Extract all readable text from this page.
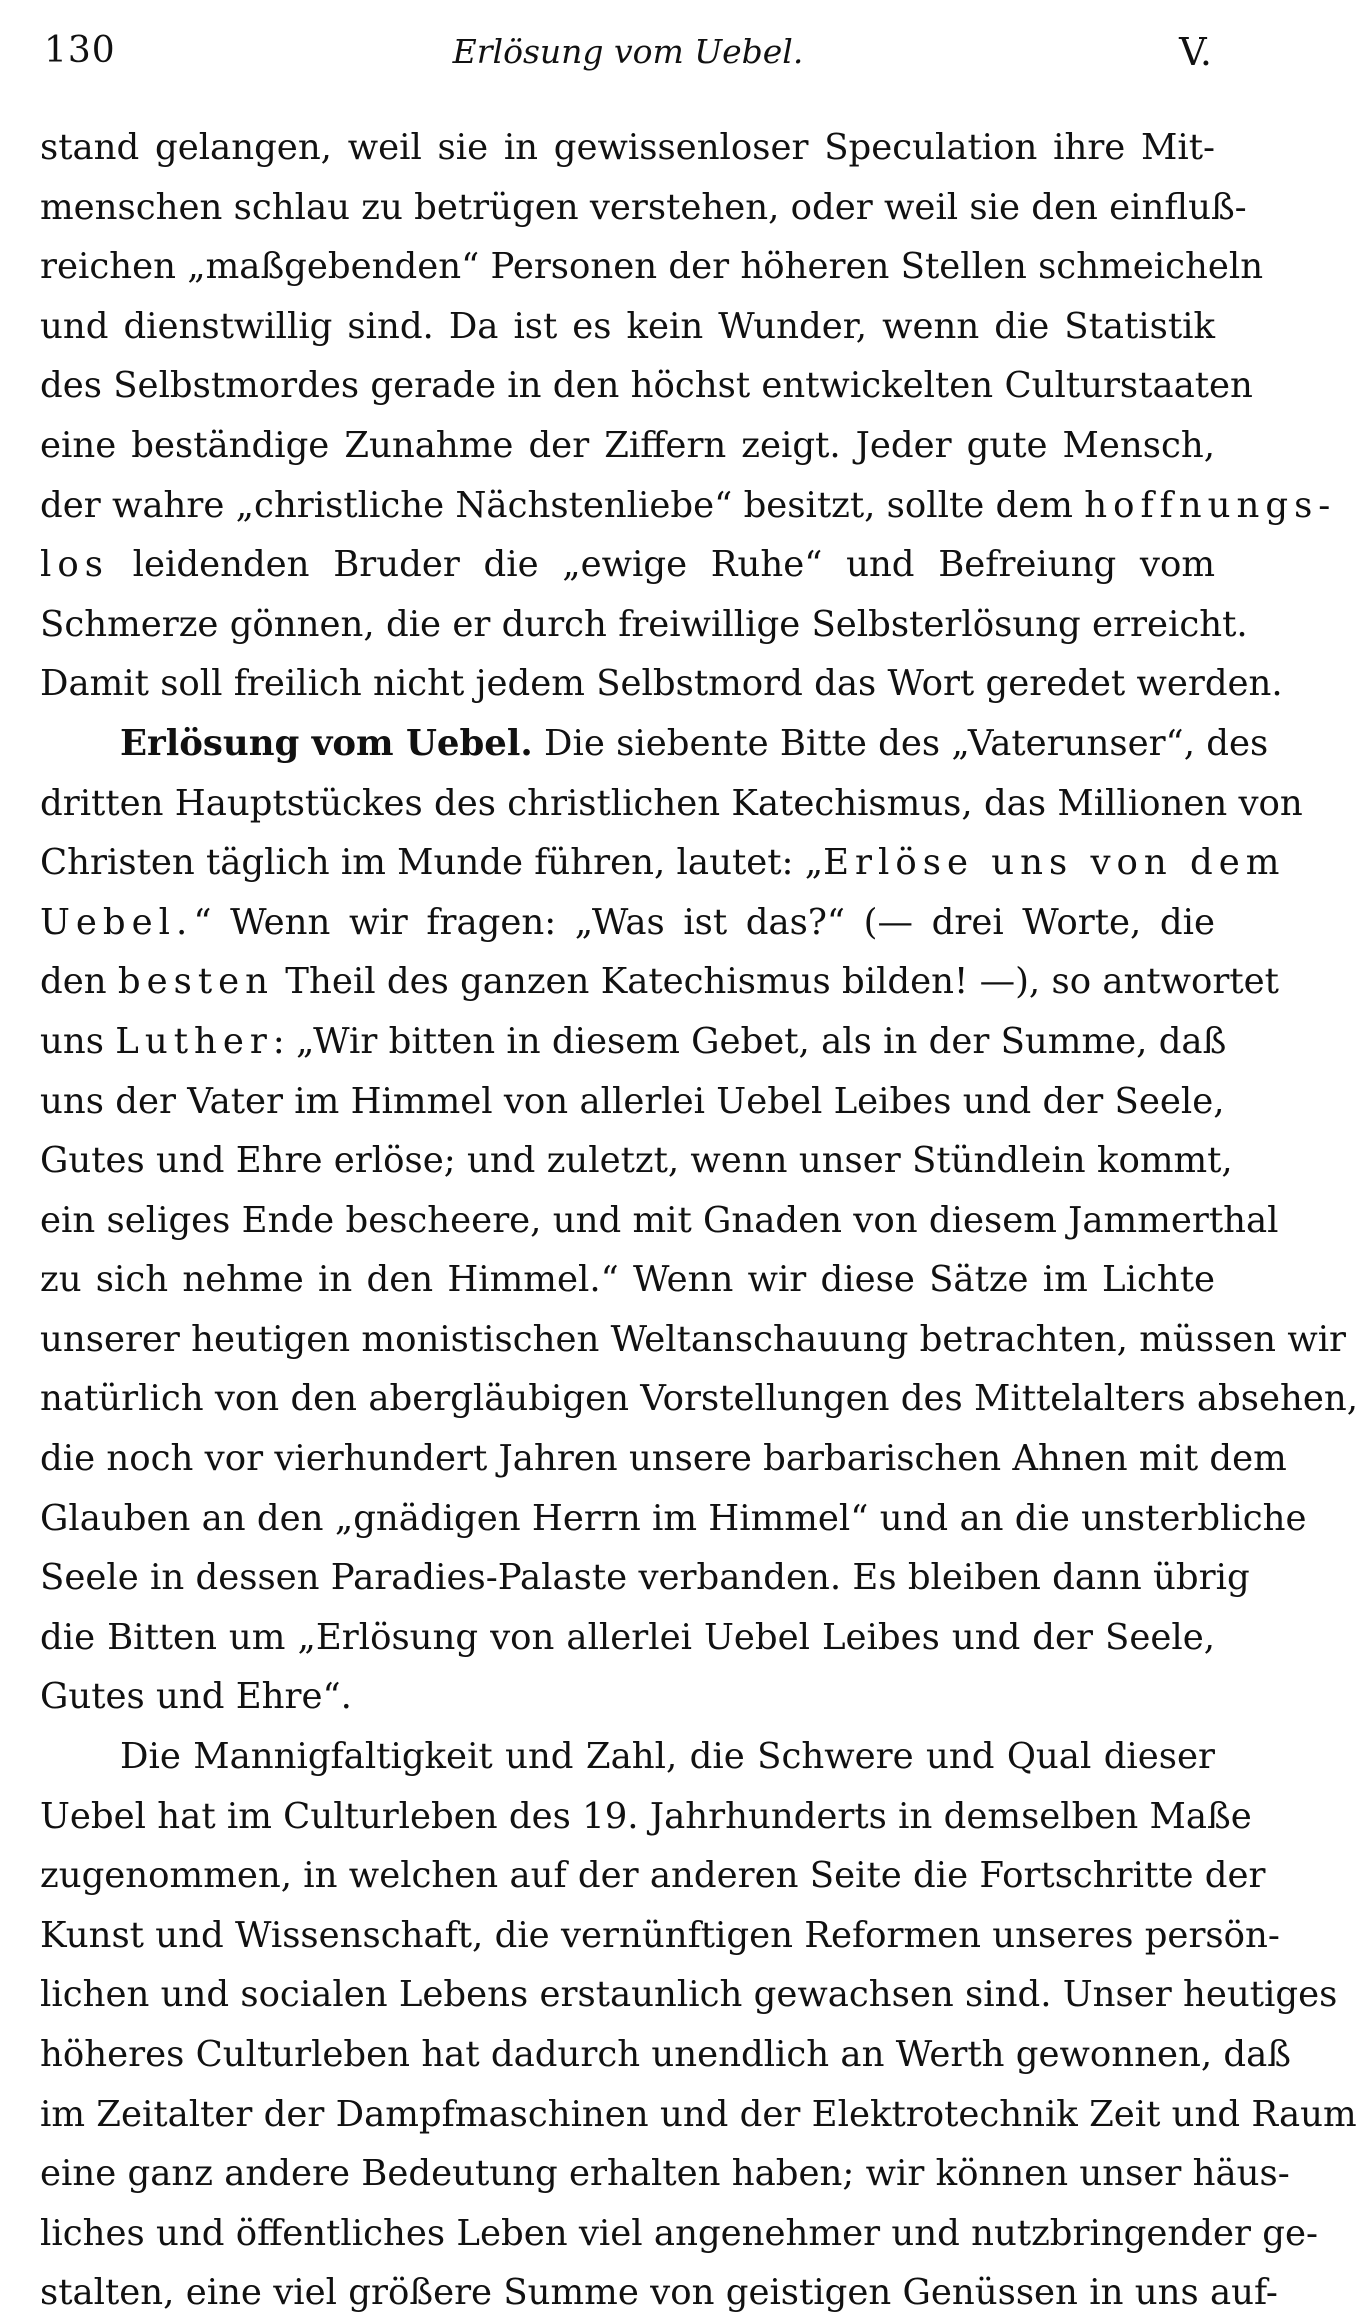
130	Erlösung vom Uebel.	V.
stand gelangen, weil sie in gewissenloser Speculation ihre Mit-
menschen schlau zu betrügen verstehen, oder weil sie den einfluß-
reichen „maßgebenden“ Personen der höheren Stellen schmeicheln
und dienstwillig sind. Da ist es kein Wunder, wenn die Statistik
des Selbstmordes gerade in den höchst entwickelten Culturstaaten
eine beständige Zunahme der Ziffern zeigt. Jeder gute Mensch,
der wahre „christliche Nächstenliebe“ besitzt, sollte dem hoffnungs-
los leidenden Bruder die „ewige Ruhe“ und Befreiung vom
Schmerze gönnen, die er durch freiwillige Selbsterlösung erreicht.
Damit soll freilich nicht jedem Selbstmord das Wort geredet werden.
Erlösung vom Uebel. Die siebente Bitte des „Vaterunser“, des
dritten Hauptstückes des christlichen Katechismus, das Millionen von
Christen täglich im Munde führen, lautet: „Erlöse uns von dem
Uebel.“ Wenn wir fragen: „Was ist das?“ (— drei Worte, die
den besten Theil des ganzen Katechismus bilden! —), so antwortet
uns Luther: „Wir bitten in diesem Gebet, als in der Summe, daß
uns der Vater im Himmel von allerlei Uebel Leibes und der Seele,
Gutes und Ehre erlöse; und zuletzt, wenn unser Stündlein kommt,
ein seliges Ende bescheere, und mit Gnaden von diesem Jammerthal
zu sich nehme in den Himmel.“ Wenn wir diese Sätze im Lichte
unserer heutigen monistischen Weltanschauung betrachten, müssen wir
natürlich von den abergläubigen Vorstellungen des Mittelalters absehen,
die noch vor vierhundert Jahren unsere barbarischen Ahnen mit dem
Glauben an den „gnädigen Herrn im Himmel“ und an die unsterbliche
Seele in dessen Paradies-Palaste verbanden. Es bleiben dann übrig
die Bitten um „Erlösung von allerlei Uebel Leibes und der Seele,
Gutes und Ehre“.
Die Mannigfaltigkeit und Zahl, die Schwere und Qual dieser
Uebel hat im Culturleben des 19. Jahrhunderts in demselben Maße
zugenommen, in welchen auf der anderen Seite die Fortschritte der
Kunst und Wissenschaft, die vernünftigen Reformen unseres persön-
lichen und socialen Lebens erstaunlich gewachsen sind. Unser heutiges
höheres Culturleben hat dadurch unendlich an Werth gewonnen, daß
im Zeitalter der Dampfmaschinen und der Elektrotechnik Zeit und Raum
eine ganz andere Bedeutung erhalten haben; wir können unser häus-
liches und öffentliches Leben viel angenehmer und nutzbringender ge-
stalten, eine viel größere Summe von geistigen Genüssen in uns auf-
